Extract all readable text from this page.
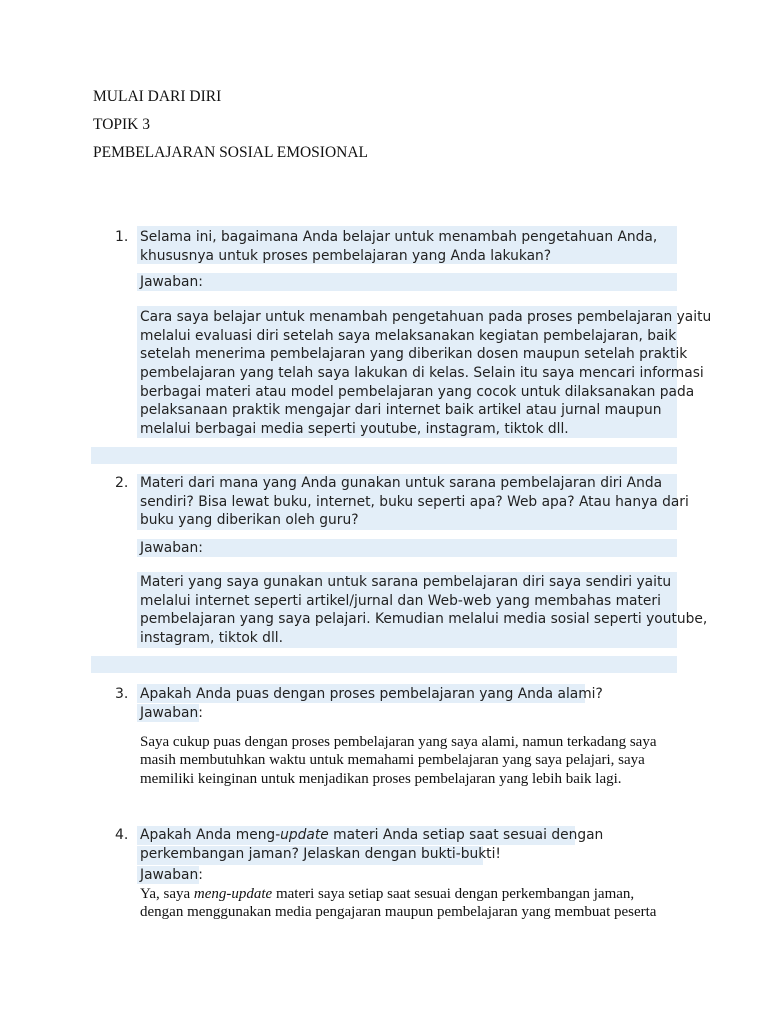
MULAI DARI DIRI
TOPIK 3
PEMBELAJARAN SOSIAL EMOSIONAL
1. Selama ini, bagaimana Anda belajar untuk menambah pengetahuan Anda,
khususnya untuk proses pembelajaran yang Anda lakukan?
Jawaban:
Cara saya belajar untuk menambah pengetahuan pada proses pembelajaran yaitu
melalui evaluasi diri setelah saya melaksanakan kegiatan pembelajaran, baik
setelah menerima pembelajaran yang diberikan dosen maupun setelah praktik
pembelajaran yang telah saya lakukan di kelas. Selain itu saya mencari informasi
berbagai materi atau model pembelajaran yang cocok untuk dilaksanakan pada
pelaksanaan praktik mengajar dari internet baik artikel atau jurnal maupun
melalui berbagai media seperti youtube, instagram, tiktok dll.
2. Materi dari mana yang Anda gunakan untuk sarana pembelajaran diri Anda
sendiri? Bisa lewat buku, internet, buku seperti apa? Web apa? Atau hanya dari
buku yang diberikan oleh guru?
Jawaban:
Materi yang saya gunakan untuk sarana pembelajaran diri saya sendiri yaitu
melalui internet seperti artikel/jurnal dan Web-web yang membahas materi
pembelajaran yang saya pelajari. Kemudian melalui media sosial seperti youtube,
instagram, tiktok dll.
3. Apakah Anda puas dengan proses pembelajaran yang Anda alami?
Jawaban:
Saya cukup puas dengan proses pembelajaran yang saya alami, namun terkadang saya
masih membutuhkan waktu untuk memahami pembelajaran yang saya pelajari, saya
memiliki keinginan untuk menjadikan proses pembelajaran yang lebih baik lagi.
4. Apakah Anda meng-update materi Anda setiap saat sesuai dengan
perkembangan jaman? Jelaskan dengan bukti-bukti!
Jawaban:
Ya, saya meng-update materi saya setiap saat sesuai dengan perkembangan jaman,
dengan menggunakan media pengajaran maupun pembelajaran yang membuat peserta
